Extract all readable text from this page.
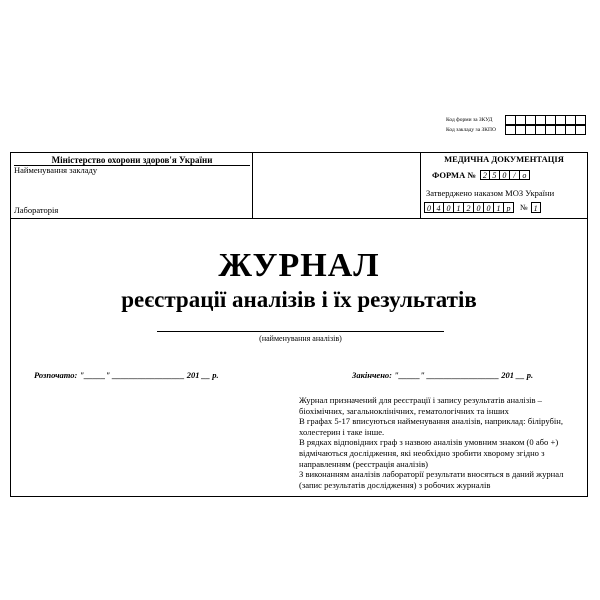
Код форми за ЗКУД
Код закладу за ЗКПО
Міністерство охорони здоров'я України
Найменування закладу
Лабораторія
МЕДИЧНА ДОКУМЕНТАЦІЯ
ФОРМА № 2 5 0 / о
Затверджено наказом МОЗ України
0 4 0 1 2 0 0 1 р	№ 1
ЖУРНАЛ
реєстрації аналізів і їх результатів
(найменування аналізів)
Розпочато: "_____" _________________ 201 __ р.	Закінчено: "_____" _________________ 201 __ р.

Журнал призначений для реєстрації і запису результатів аналізів – біохімічних, загальноклінічних, гематологічних та інших

В графах 5-17 вписуються найменування аналізів, наприклад: білірубін, холестерин і таке інше.

В рядках відповідних граф з назвою аналізів умовним знаком (0 або +) відмічаються дослідження, які необхідно зробити хворому згідно з направленням (реєстрація аналізів)

З виконанням аналізів лабораторії результати вносяться в даний журнал (запис результатів дослідження) з робочих журналів
